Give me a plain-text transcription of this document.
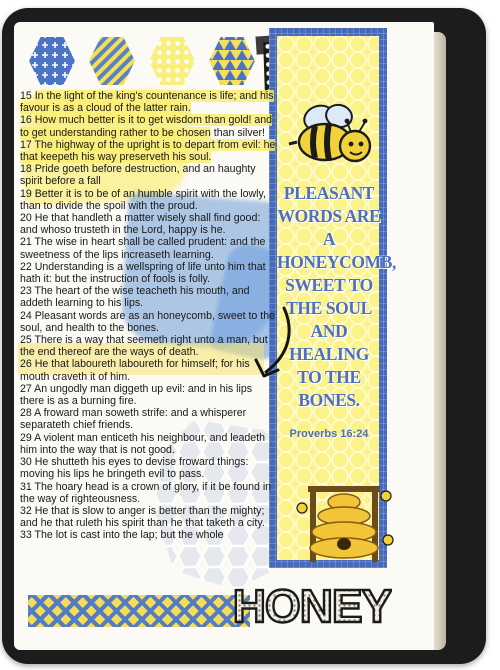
15 In the light of the king's countenance is life; and his favour is as a cloud of the latter rain.

16 How much better is it to get wisdom than gold! and to get understanding rather to be chosen than silver!

17 The highway of the upright is to depart from evil: he that keepeth his way preserveth his soul.

18 Pride goeth before destruction, and an haughty spirit before a fall

19 Better it is to be of an humble spirit with the lowly, than to divide the spoil with the proud.

20 He that handleth a matter wisely shall find good: and whoso trusteth in the Lord, happy is he.

21 The wise in heart shall be called prudent: and the sweetness of the lips increaseth learning.

22 Understanding is a wellspring of life unto him that hath it: but the instruction of fools is folly.

23 The heart of the wise teacheth his mouth, and addeth learning to his lips.

24 Pleasant words are as an honeycomb, sweet to the soul, and health to the bones.

25 There is a way that seemeth right unto a man, but the end thereof are the ways of death.

26 He that laboureth laboureth for himself; for his mouth craveth it of him.

27 An ungodly man diggeth up evil: and in his lips there is as a burning fire.

28 A froward man soweth strife: and a whisperer separateth chief friends.

29 A violent man enticeth his neighbour, and leadeth him into the way that is not good.

30 He shutteth his eyes to devise froward things: moving his lips he bringeth evil to pass.

31 The hoary head is a crown of glory, if it be found in the way of righteousness.

32 He that is slow to anger is better than the mighty; and he that ruleth his spirit than he that taketh a city.

33 The lot is cast into the lap; but the whole

PLEASANT WORDS ARE A HONEYCOMB, SWEET TO THE SOUL AND HEALING TO THE BONES.
Proverbs 16:24
HONEY
